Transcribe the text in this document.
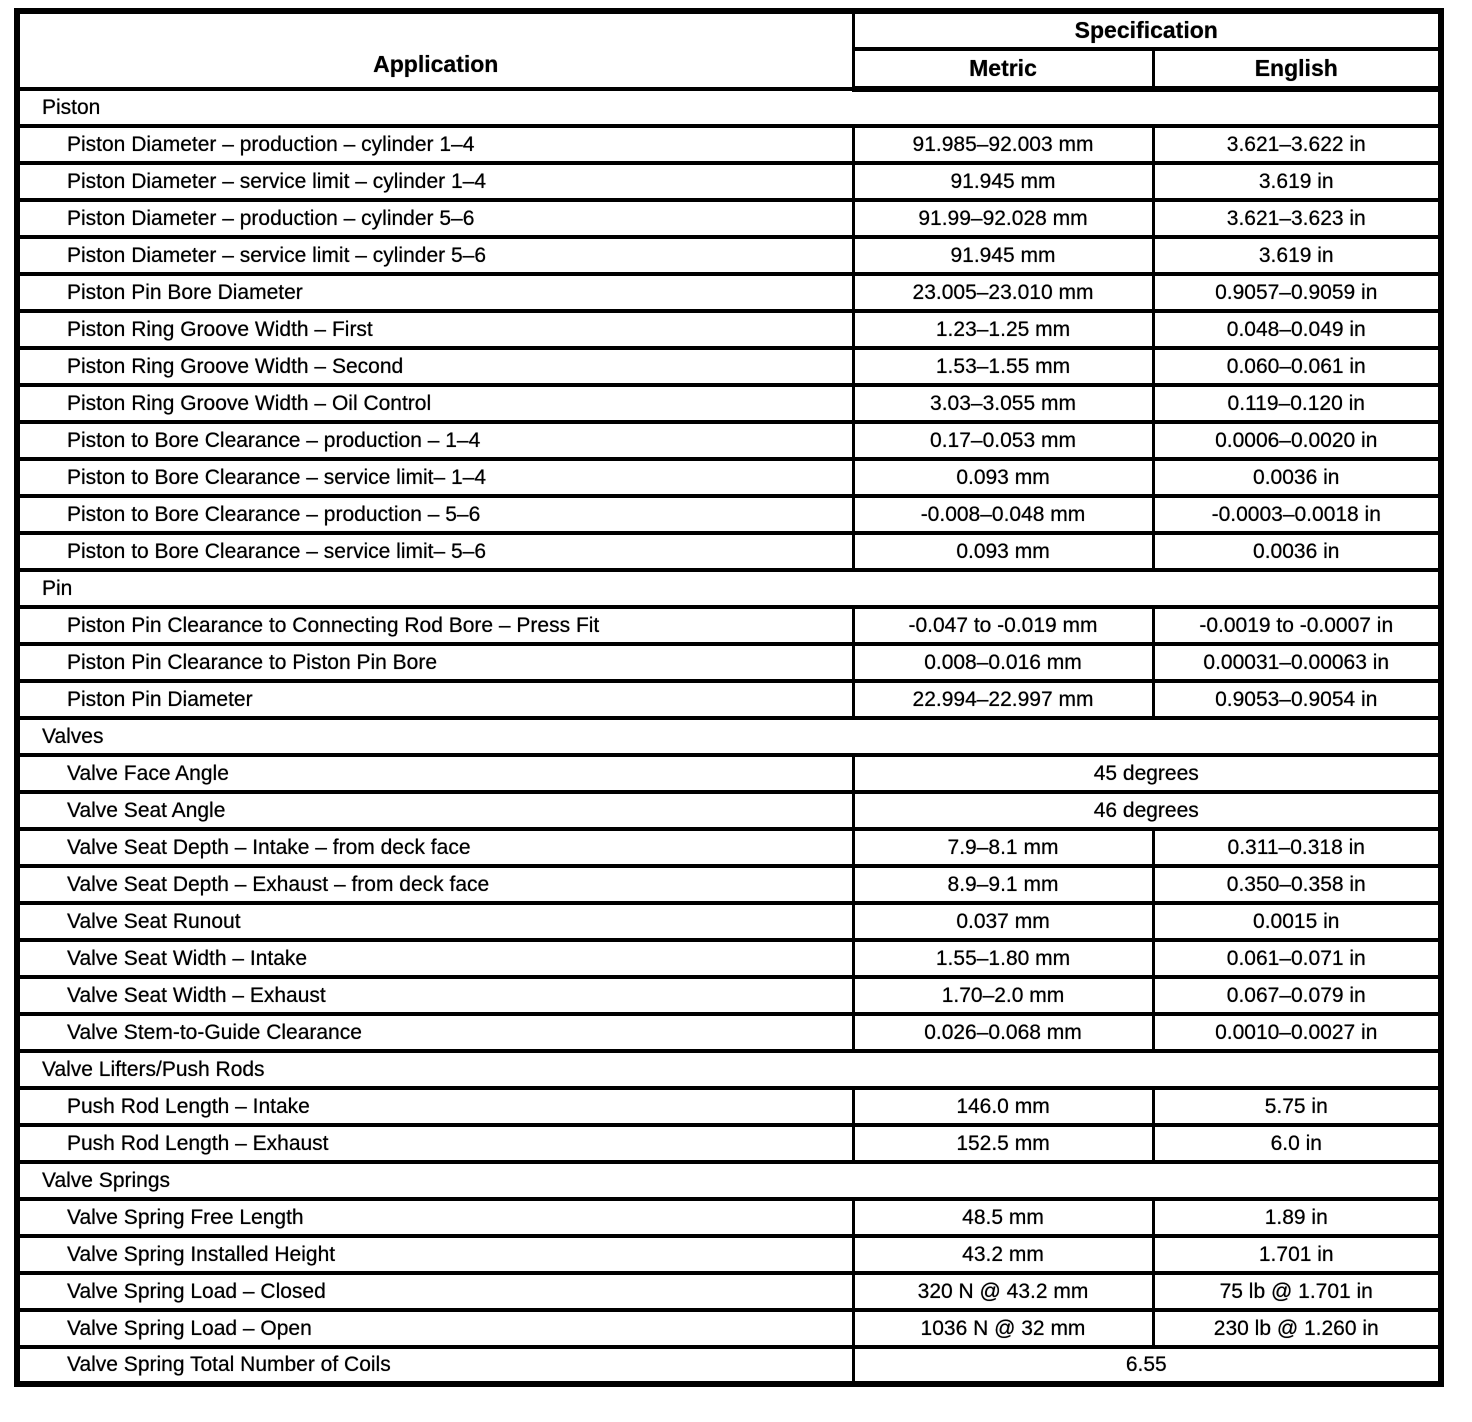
Application	Specification	
	Metric	English
Piston		
Piston Diameter – production – cylinder 1–4	91.985–92.003 mm	3.621–3.622 in
Piston Diameter – service limit – cylinder 1–4	91.945 mm	3.619 in
Piston Diameter – production – cylinder 5–6	91.99–92.028 mm	3.621–3.623 in
Piston Diameter – service limit – cylinder 5–6	91.945 mm	3.619 in
Piston Pin Bore Diameter	23.005–23.010 mm	0.9057–0.9059 in
Piston Ring Groove Width – First	1.23–1.25 mm	0.048–0.049 in
Piston Ring Groove Width – Second	1.53–1.55 mm	0.060–0.061 in
Piston Ring Groove Width – Oil Control	3.03–3.055 mm	0.119–0.120 in
Piston to Bore Clearance – production – 1–4	0.17–0.053 mm	0.0006–0.0020 in
Piston to Bore Clearance – service limit– 1–4	0.093 mm	0.0036 in
Piston to Bore Clearance – production – 5–6	-0.008–0.048 mm	-0.0003–0.0018 in
Piston to Bore Clearance – service limit– 5–6	0.093 mm	0.0036 in
Pin		
Piston Pin Clearance to Connecting Rod Bore – Press Fit	-0.047 to -0.019 mm	-0.0019 to -0.0007 in
Piston Pin Clearance to Piston Pin Bore	0.008–0.016 mm	0.00031–0.00063 in
Piston Pin Diameter	22.994–22.997 mm	0.9053–0.9054 in
Valves		
Valve Face Angle	45 degrees	
Valve Seat Angle	46 degrees	
Valve Seat Depth – Intake – from deck face	7.9–8.1 mm	0.311–0.318 in
Valve Seat Depth – Exhaust – from deck face	8.9–9.1 mm	0.350–0.358 in
Valve Seat Runout	0.037 mm	0.0015 in
Valve Seat Width – Intake	1.55–1.80 mm	0.061–0.071 in
Valve Seat Width – Exhaust	1.70–2.0 mm	0.067–0.079 in
Valve Stem-to-Guide Clearance	0.026–0.068 mm	0.0010–0.0027 in
Valve Lifters/Push Rods		
Push Rod Length – Intake	146.0 mm	5.75 in
Push Rod Length – Exhaust	152.5 mm	6.0 in
Valve Springs		
Valve Spring Free Length	48.5 mm	1.89 in
Valve Spring Installed Height	43.2 mm	1.701 in
Valve Spring Load – Closed	320 N @ 43.2 mm	75 lb @ 1.701 in
Valve Spring Load – Open	1036 N @ 32 mm	230 lb @ 1.260 in
Valve Spring Total Number of Coils	6.55	
